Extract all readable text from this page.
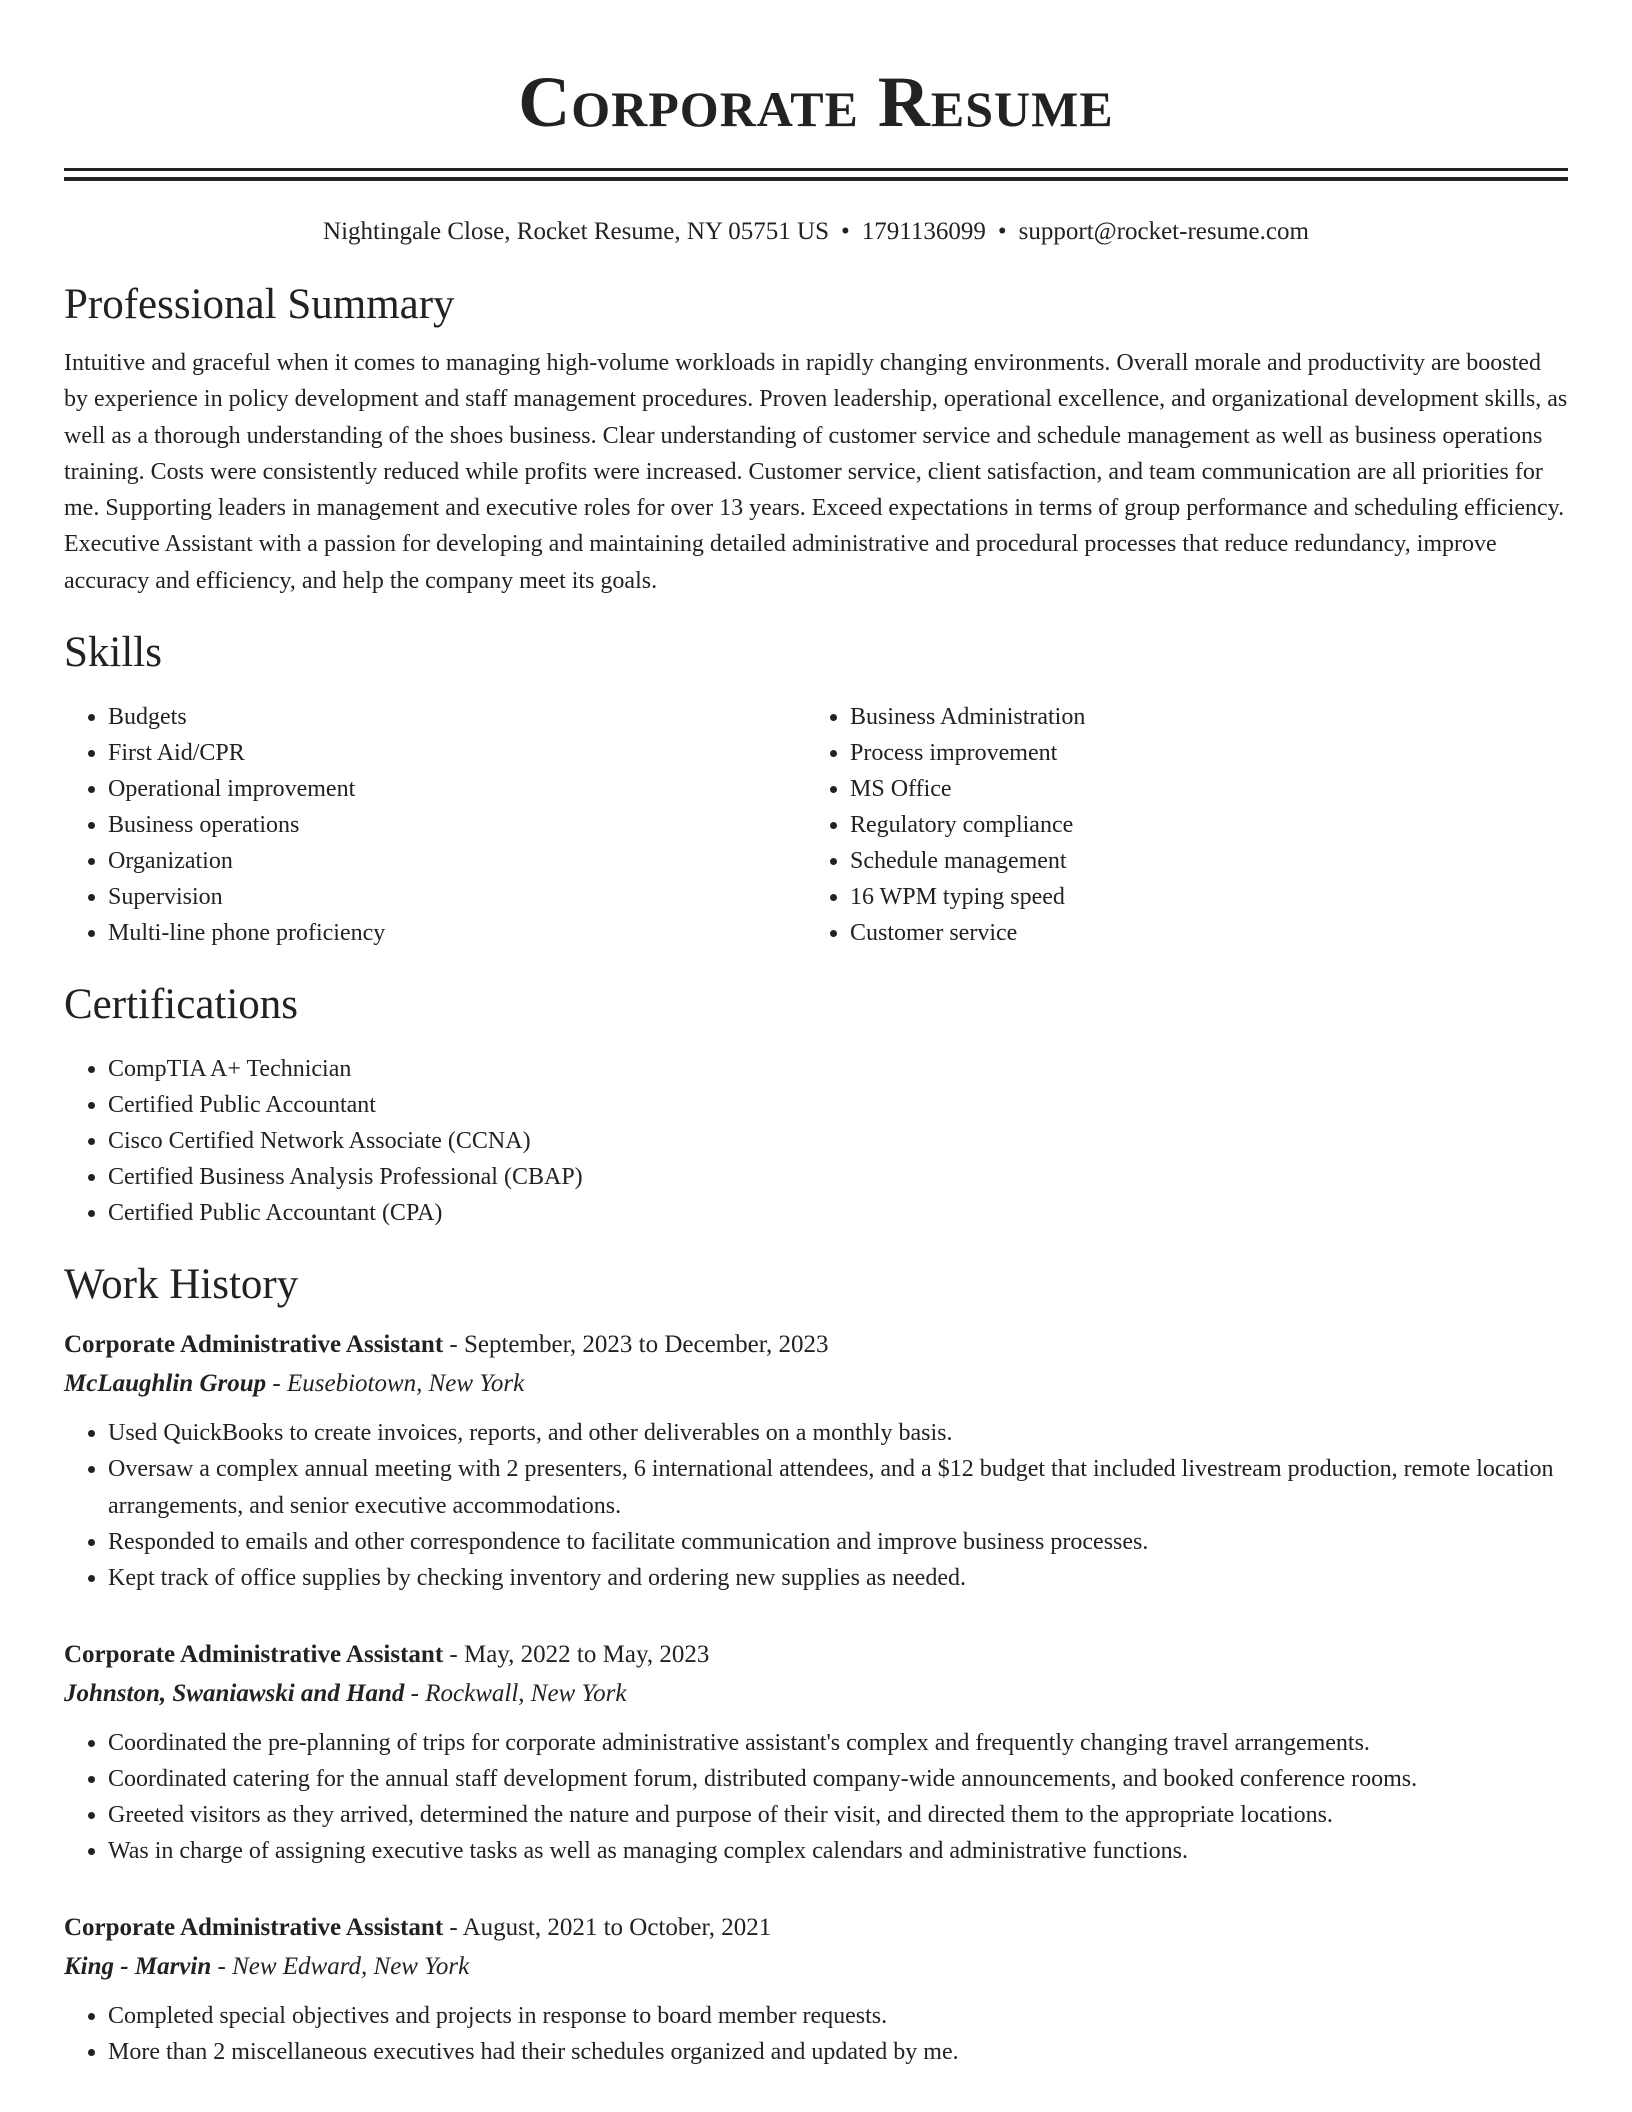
Corporate Resume
Nightingale Close, Rocket Resume, NY 05751 US • 1791136099 • support@rocket-resume.com
Professional Summary
Intuitive and graceful when it comes to managing high-volume workloads in rapidly changing environments. Overall morale and productivity are boosted by experience in policy development and staff management procedures. Proven leadership, operational excellence, and organizational development skills, as well as a thorough understanding of the shoes business. Clear understanding of customer service and schedule management as well as business operations training. Costs were consistently reduced while profits were increased. Customer service, client satisfaction, and team communication are all priorities for me. Supporting leaders in management and executive roles for over 13 years. Exceed expectations in terms of group performance and scheduling efficiency. Executive Assistant with a passion for developing and maintaining detailed administrative and procedural processes that reduce redundancy, improve accuracy and efficiency, and help the company meet its goals.
Skills
• Budgets
• First Aid/CPR
• Operational improvement
• Business operations
• Organization
• Supervision
• Multi-line phone proficiency
• Business Administration
• Process improvement
• MS Office
• Regulatory compliance
• Schedule management
• 16 WPM typing speed
• Customer service
Certifications
• CompTIA A+ Technician
• Certified Public Accountant
• Cisco Certified Network Associate (CCNA)
• Certified Business Analysis Professional (CBAP)
• Certified Public Accountant (CPA)
Work History
Corporate Administrative Assistant - September, 2023 to December, 2023
McLaughlin Group - Eusebiotown, New York
• Used QuickBooks to create invoices, reports, and other deliverables on a monthly basis.
• Oversaw a complex annual meeting with 2 presenters, 6 international attendees, and a $12 budget that included livestream production, remote location arrangements, and senior executive accommodations.
• Responded to emails and other correspondence to facilitate communication and improve business processes.
• Kept track of office supplies by checking inventory and ordering new supplies as needed.
Corporate Administrative Assistant - May, 2022 to May, 2023
Johnston, Swaniawski and Hand - Rockwall, New York
• Coordinated the pre-planning of trips for corporate administrative assistant's complex and frequently changing travel arrangements.
• Coordinated catering for the annual staff development forum, distributed company-wide announcements, and booked conference rooms.
• Greeted visitors as they arrived, determined the nature and purpose of their visit, and directed them to the appropriate locations.
• Was in charge of assigning executive tasks as well as managing complex calendars and administrative functions.
Corporate Administrative Assistant - August, 2021 to October, 2021
King - Marvin - New Edward, New York
• Completed special objectives and projects in response to board member requests.
• More than 2 miscellaneous executives had their schedules organized and updated by me.
